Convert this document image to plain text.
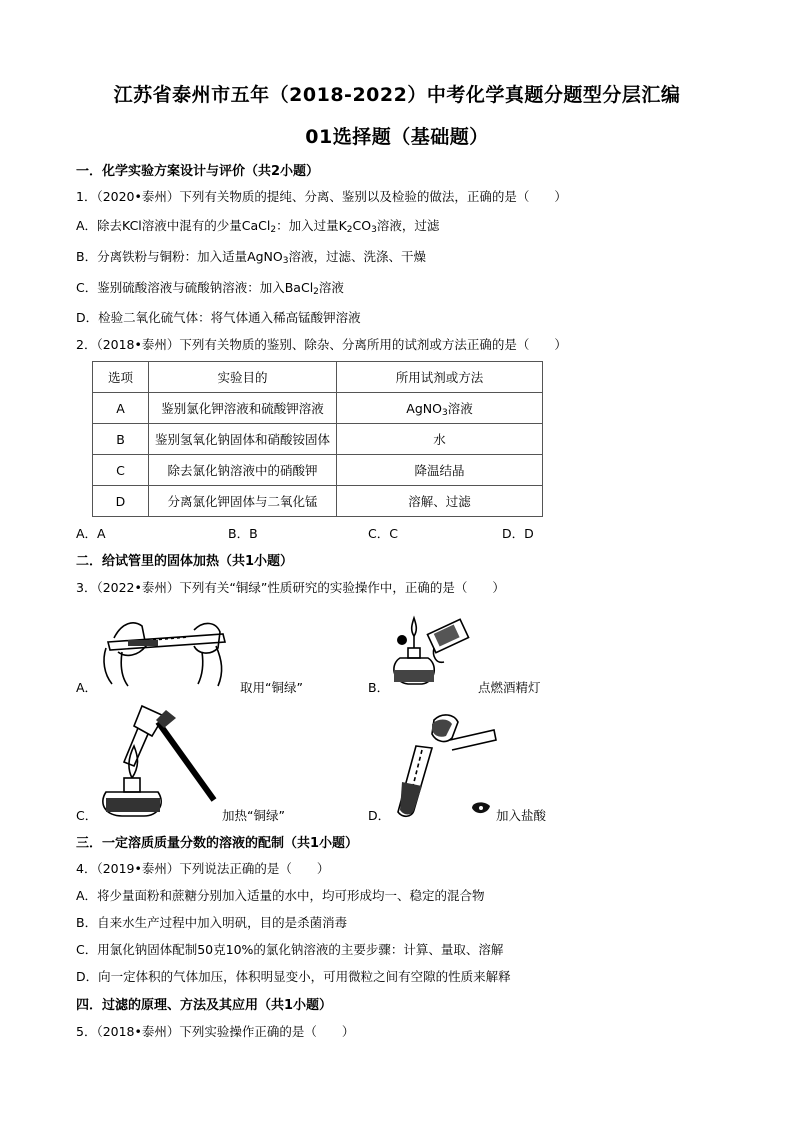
江苏省泰州市五年（2018-2022）中考化学真题分题型分层汇编
01选择题（基础题）
一．化学实验方案设计与评价（共2小题）
1．（2020•泰州）下列有关物质的提纯、分离、鉴别以及检验的做法，正确的是（　　）
A．除去KCl溶液中混有的少量CaCl$_2$：加入过量$K_2CO_3$溶液，过滤
B．分离铁粉与铜粉：加入适量AgNO$_3$溶液，过滤、洗涤、干燥
C．鉴别硫酸溶液与硫酸钠溶液：加入BaCl$_2$溶液
D．检验二氧化硫气体：将气体通入稀高锰酸钾溶液
2．（2018•泰州）下列有关物质的鉴别、除杂、分离所用的试剂或方法正确的是（　　）
选项	实验目的	所用试剂或方法
A	鉴别氯化钾溶液和硫酸钾溶液	AgNO$_3$溶液
B	鉴别氢氧化钠固体和硝酸铵固体	水
C	除去氯化钠溶液中的硝酸钾	降温结晶
D	分离氯化钾固体与二氧化锰	溶解、过滤
A．A	B．B	C．C	D．D
二．给试管里的固体加热（共1小题）
3．（2022•泰州）下列有关“铜绿”性质研究的实验操作中，正确的是（　　）
A．	取用“铜绿”	B．	点燃酒精灯
C．	加热“铜绿”	D．	加入盐酸
三．一定溶质质量分数的溶液的配制（共1小题）
4．（2019•泰州）下列说法正确的是（　　）
A．将少量面粉和蔗糖分别加入适量的水中，均可形成均一、稳定的混合物
B．自来水生产过程中加入明矾，目的是杀菌消毒
C．用氯化钠固体配制50克10%的氯化钠溶液的主要步骤：计算、量取、溶解
D．向一定体积的气体加压，体积明显变小，可用微粒之间有空隙的性质来解释
四．过滤的原理、方法及其应用（共1小题）
5．（2018•泰州）下列实验操作正确的是（　　）
